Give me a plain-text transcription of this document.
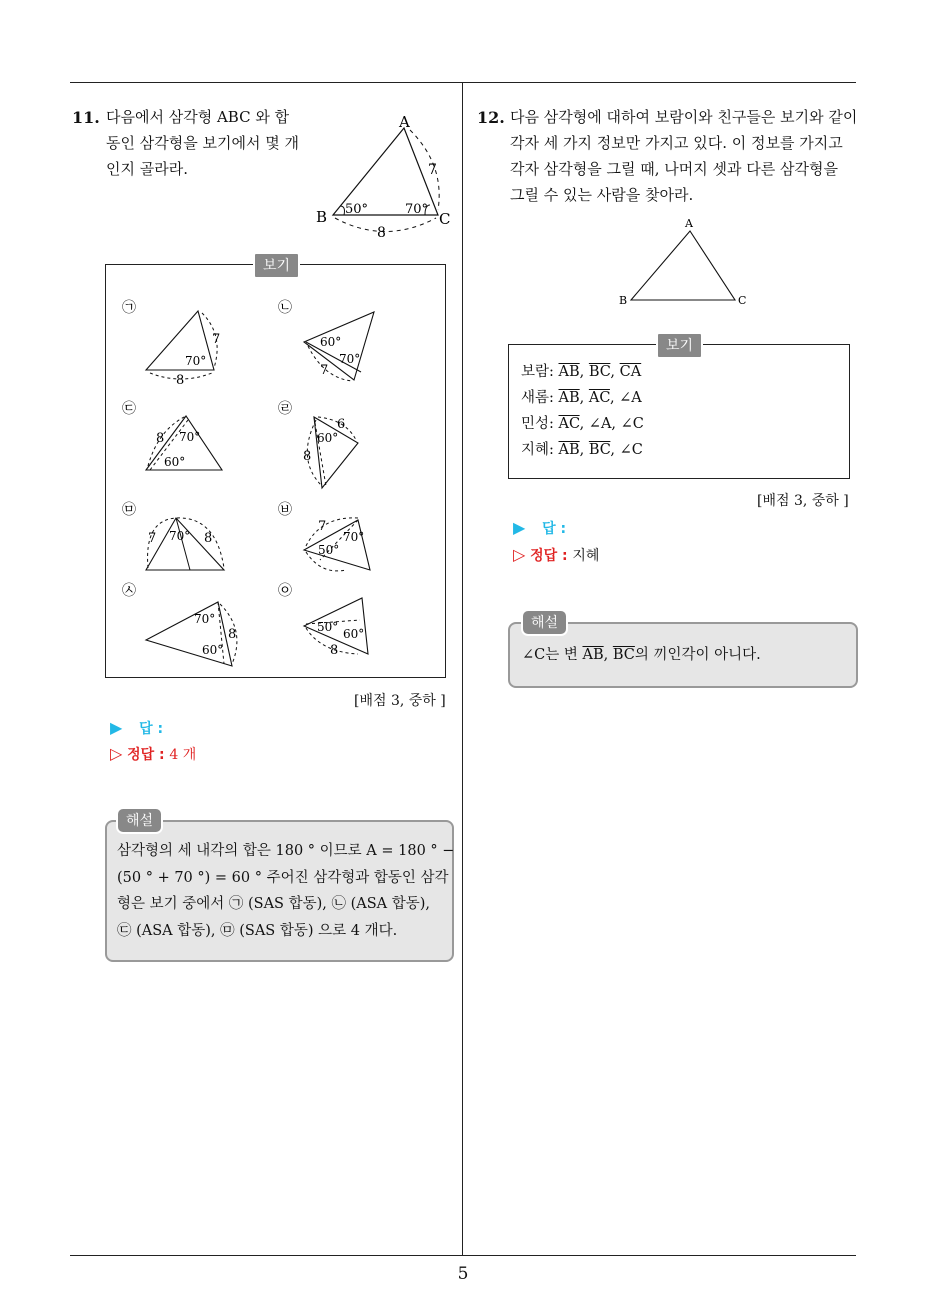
5
11. 다음에서 삼각형 ABC 와 합
동인 삼각형을 보기에서 몇 개
인지 골라라.
A
B	C
50°	70°
7
8
보기
㉠
7
70°
8
㉡
60°
70°
7
㉢
8 70°
60°
㉣
6
60°
8
㉤
7 70° 8
㉥
7
70°
50°
㉦
70°
8
60°
㉧
50° 60°
8
[배점 3, 중하 ]
▶ 답 :
▷ 정답 : 4 개
삼각형의 세 내각의 합은 180 ° 이므로 A = 180 ° −
(50 ° + 70 °) = 60 ° 주어진 삼각형과 합동인 삼각
형은 보기 중에서 ㉠ (SAS 합동), ㉡ (ASA 합동),
㉢ (ASA 합동), ㉤ (SAS 합동) 으로 4 개다.
해설
12. 다음 삼각형에 대하여 보람이와 친구들은 보기와 같이
각자 세 가지 정보만 가지고 있다. 이 정보를 가지고
각자 삼각형을 그릴 때, 나머지 셋과 다른 삼각형을
그릴 수 있는 사람을 찾아라.
A
B	C
보람: $\overline{AB}$, $\overline{BC}$, $\overline{CA}$
새롬: $\overline{AB}$, $\overline{AC}$, ∠A
민성: $\overline{AC}$, ∠A, ∠C
지혜: $\overline{AB}$, $\overline{BC}$, ∠C
보기
[배점 3, 중하 ]
▶ 답 :
▷ 정답 : 지혜
∠C는 변 $\overline{AB}$, $\overline{BC}$의 끼인각이 아니다.
해설
